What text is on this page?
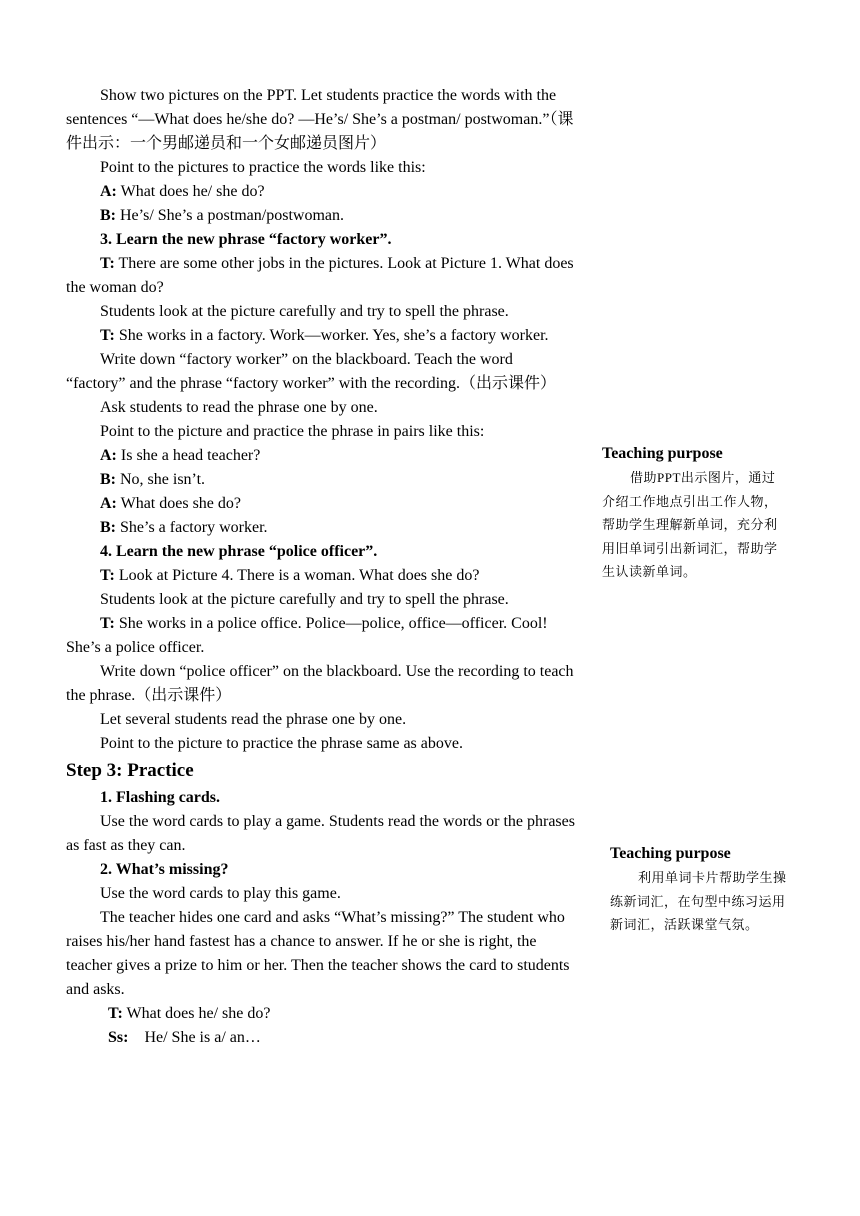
Show two pictures on the PPT. Let students practice the words with the sentences “—What does he/she do? —He’s/ She’s a postman/ postwoman.”（课件出示：一个男邮递员和一个女邮递员图片）

Point to the pictures to practice the words like this:

A: What does he/ she do?

B: He’s/ She’s a postman/postwoman.

3. Learn the new phrase “factory worker”.

T: There are some other jobs in the pictures. Look at Picture 1. What does the woman do?

Students look at the picture carefully and try to spell the phrase.

T: She works in a factory. Work—worker. Yes, she’s a factory worker.

Write down “factory worker” on the blackboard. Teach the word “factory” and the phrase “factory worker” with the recording.（出示课件）

Ask students to read the phrase one by one.

Point to the picture and practice the phrase in pairs like this:

A: Is she a head teacher?

B: No, she isn’t.

A: What does she do?

B: She’s a factory worker.

4. Learn the new phrase “police officer”.

T: Look at Picture 4. There is a woman. What does she do?

Students look at the picture carefully and try to spell the phrase.

T: She works in a police office. Police—police, office—officer. Cool! She’s a police officer.

Write down “police officer” on the blackboard. Use the recording to teach the phrase.（出示课件）

Let several students read the phrase one by one.

Point to the picture to practice the phrase same as above.

Step 3: Practice

1. Flashing cards.

Use the word cards to play a game. Students read the words or the phrases as fast as they can.

2. What’s missing?

Use the word cards to play this game.

The teacher hides one card and asks “What’s missing?” The student who raises his/her hand fastest has a chance to answer. If he or she is right, the teacher gives a prize to him or her. Then the teacher shows the card to students and asks.

T: What does he/ she do?

Ss:    He/ She is a/ an…

Teaching purpose

借助PPT出示图片，通过介绍工作地点引出工作人物，帮助学生理解新单词，充分利用旧单词引出新词汇，帮助学生认读新单词。

Teaching purpose

利用单词卡片帮助学生操练新词汇，在句型中练习运用新词汇，活跃课堂气氛。
